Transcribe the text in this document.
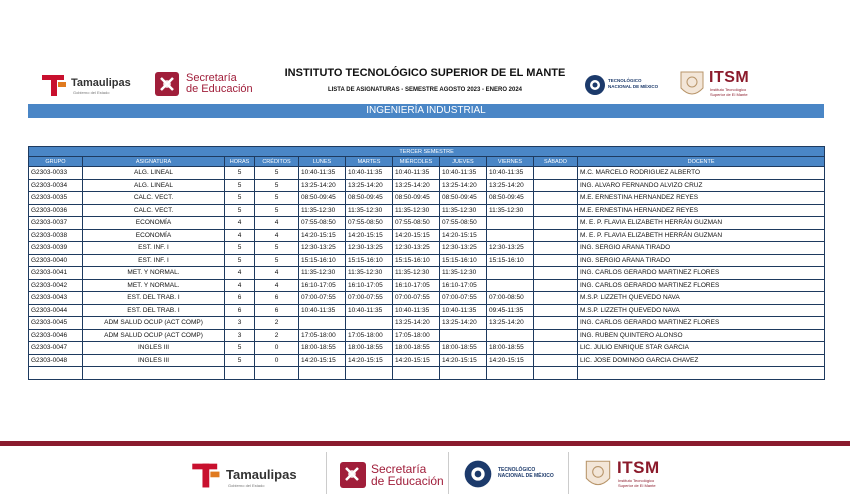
Tamaulipas
Gobierno del Estado
Secretaría
de Educación
INSTITUTO TECNOLÓGICO SUPERIOR DE EL MANTE
LISTA DE ASIGNATURAS - SEMESTRE AGOSTO 2023 - ENERO 2024
TECNOLÓGICO
NACIONAL DE MÉXICO
ITSM
Instituto Tecnológico
Superior de El Mante
INGENIERÍA INDUSTRIAL
TERCER SEMESTRE										
GRUPO	ASIGNATURA	HORAS	CRÉDITOS	LUNES	MARTES	MIÉRCOLES	JUEVES	VIERNES	SÁBADO	DOCENTE
G2303-0033	ALG. LINEAL	5	5	10:40-11:35	10:40-11:35	10:40-11:35	10:40-11:35	10:40-11:35		M.C. MARCELO RODRIGUEZ ALBERTO
G2303-0034	ALG. LINEAL	5	5	13:25-14:20	13:25-14:20	13:25-14:20	13:25-14:20	13:25-14:20		ING. ALVARO FERNANDO ALVIZO CRUZ
G2303-0035	CALC. VECT.	5	5	08:50-09:45	08:50-09:45	08:50-09:45	08:50-09:45	08:50-09:45		M.E. ERNESTINA HERNANDEZ REYES
G2303-0036	CALC. VECT.	5	5	11:35-12:30	11:35-12:30	11:35-12:30	11:35-12:30	11:35-12:30		M.E. ERNESTINA HERNANDEZ REYES
G2303-0037	ECONOMÍA	4	4	07:55-08:50	07:55-08:50	07:55-08:50	07:55-08:50			M. E. P. FLAVIA ELIZABETH HERRÁN GUZMAN
G2303-0038	ECONOMÍA	4	4	14:20-15:15	14:20-15:15	14:20-15:15	14:20-15:15			M. E. P. FLAVIA ELIZABETH HERRÁN GUZMAN
G2303-0039	EST. INF. I	5	5	12:30-13:25	12:30-13:25	12:30-13:25	12:30-13:25	12:30-13:25		ING. SERGIO ARANA TIRADO
G2303-0040	EST. INF. I	5	5	15:15-16:10	15:15-16:10	15:15-16:10	15:15-16:10	15:15-16:10		ING. SERGIO ARANA TIRADO
G2303-0041	MET. Y NORMAL.	4	4	11:35-12:30	11:35-12:30	11:35-12:30	11:35-12:30			ING. CARLOS GERARDO MARTINEZ FLORES
G2303-0042	MET. Y NORMAL.	4	4	16:10-17:05	16:10-17:05	16:10-17:05	16:10-17:05			ING. CARLOS GERARDO MARTINEZ FLORES
G2303-0043	EST. DEL TRAB. I	6	6	07:00-07:55	07:00-07:55	07:00-07:55	07:00-07:55	07:00-08:50		M.S.P. LIZZETH QUEVEDO NAVA
G2303-0044	EST. DEL TRAB. I	6	6	10:40-11:35	10:40-11:35	10:40-11:35	10:40-11:35	09:45-11:35		M.S.P. LIZZETH QUEVEDO NAVA
G2303-0045	ADM SALUD OCUP (ACT COMP)	3	2			13:25-14:20	13:25-14:20	13:25-14:20		ING. CARLOS GERARDO MARTINEZ FLORES
G2303-0046	ADM SALUD OCUP (ACT COMP)	3	2	17:05-18:00	17:05-18:00	17:05-18:00				ING. RUBEN QUINTERO ALONSO
G2303-0047	INGLES III	5	0	18:00-18:55	18:00-18:55	18:00-18:55	18:00-18:55	18:00-18:55		LIC. JULIO ENRIQUE STAR GARCIA
G2303-0048	INGLES III	5	0	14:20-15:15	14:20-15:15	14:20-15:15	14:20-15:15	14:20-15:15		LIC. JOSE DOMINGO GARCIA CHAVEZ

Tamaulipas
Gobierno del Estado
Secretaría
de Educación
TECNOLÓGICO
NACIONAL DE MÉXICO	ITSM
Instituto Tecnológico
Superior de El Mante
